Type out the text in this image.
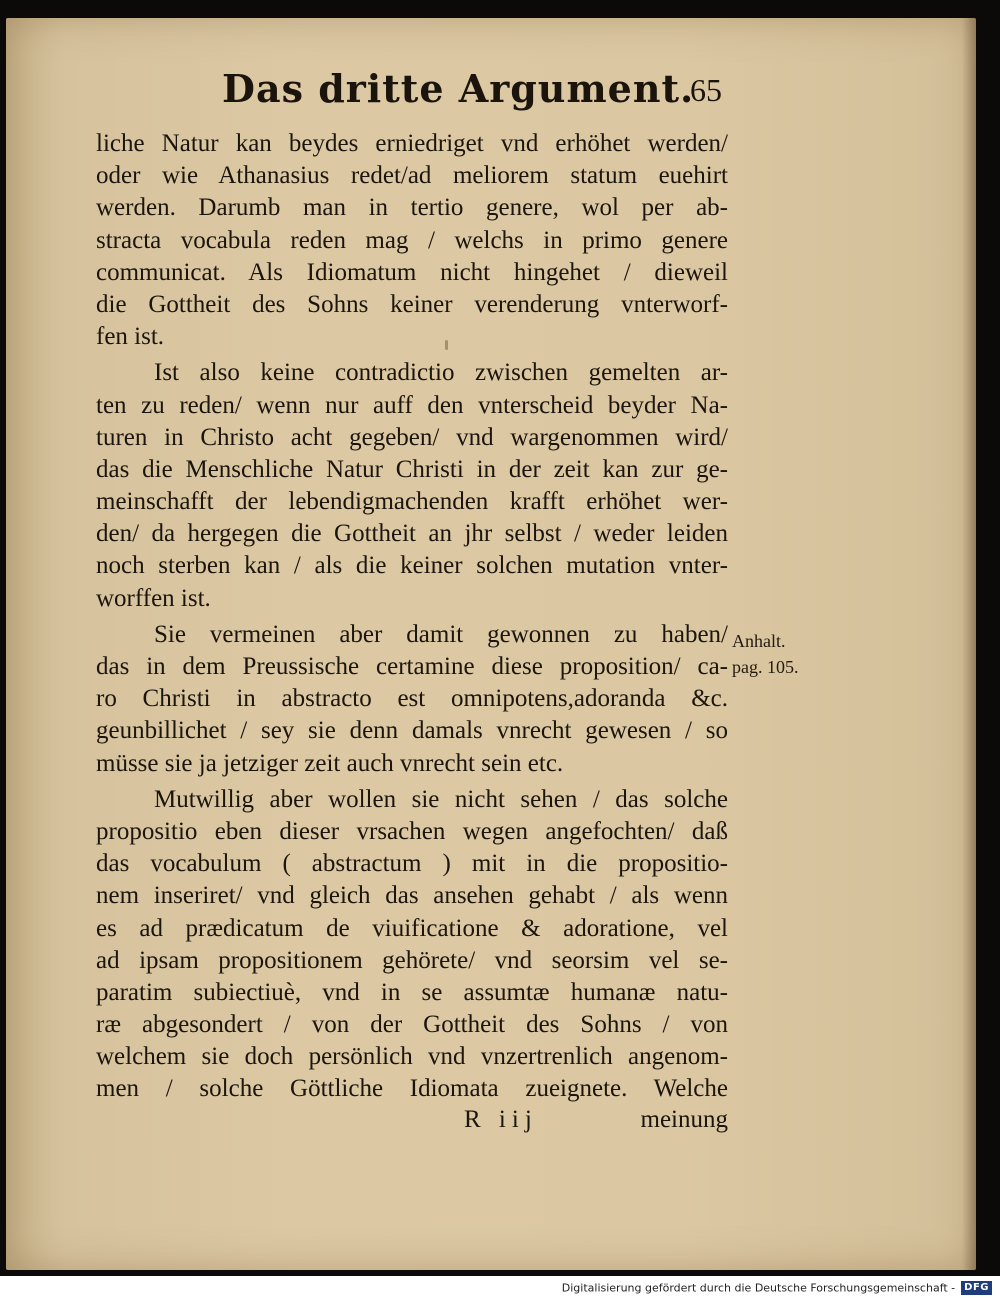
Das dritte Argument.
65
liche Natur kan beydes erniedriget vnd erhöhet werden/
oder wie Athanasius redet/ad meliorem statum euehirt
werden. Darumb man in tertio genere, wol per ab-
stracta vocabula reden mag / welchs in primo genere
communicat. Als Idiomatum nicht hingehet / dieweil
die Gottheit des Sohns keiner verenderung vnterworf-
fen ist.
Ist also keine contradictio zwischen gemelten ar-
ten zu reden/ wenn nur auff den vnterscheid beyder Na-
turen in Christo acht gegeben/ vnd wargenommen wird/
das die Menschliche Natur Christi in der zeit kan zur ge-
meinschafft der lebendigmachenden krafft erhöhet wer-
den/ da hergegen die Gottheit an jhr selbst / weder leiden
noch sterben kan / als die keiner solchen mutation vnter-
worffen ist.
Sie vermeinen aber damit gewonnen zu haben/
das in dem Preussische certamine diese proposition/ ca-
ro Christi in abstracto est omnipotens,adoranda &c.
geunbillichet / sey sie denn damals vnrecht gewesen / so
müsse sie ja jetziger zeit auch vnrecht sein etc.
Mutwillig aber wollen sie nicht sehen / das solche
propositio eben dieser vrsachen wegen angefochten/ daß
das vocabulum ( abstractum ) mit in die propositio-
nem inseriret/ vnd gleich das ansehen gehabt / als wenn
es ad prædicatum de viuificatione & adoratione, vel
ad ipsam propositionem gehörete/ vnd seorsim vel se-
paratim subiectiuè, vnd in se assumtæ humanæ natu-
ræ abgesondert / von der Gottheit des Sohns / von
welchem sie doch persönlich vnd vnzertrenlich angenom-
men / solche Göttliche Idiomata zueignete. Welche
R iij	meinung
Anhalt.
pag. 105.
Digitalisierung gefördert durch die Deutsche Forschungsgemeinschaft - DFG
